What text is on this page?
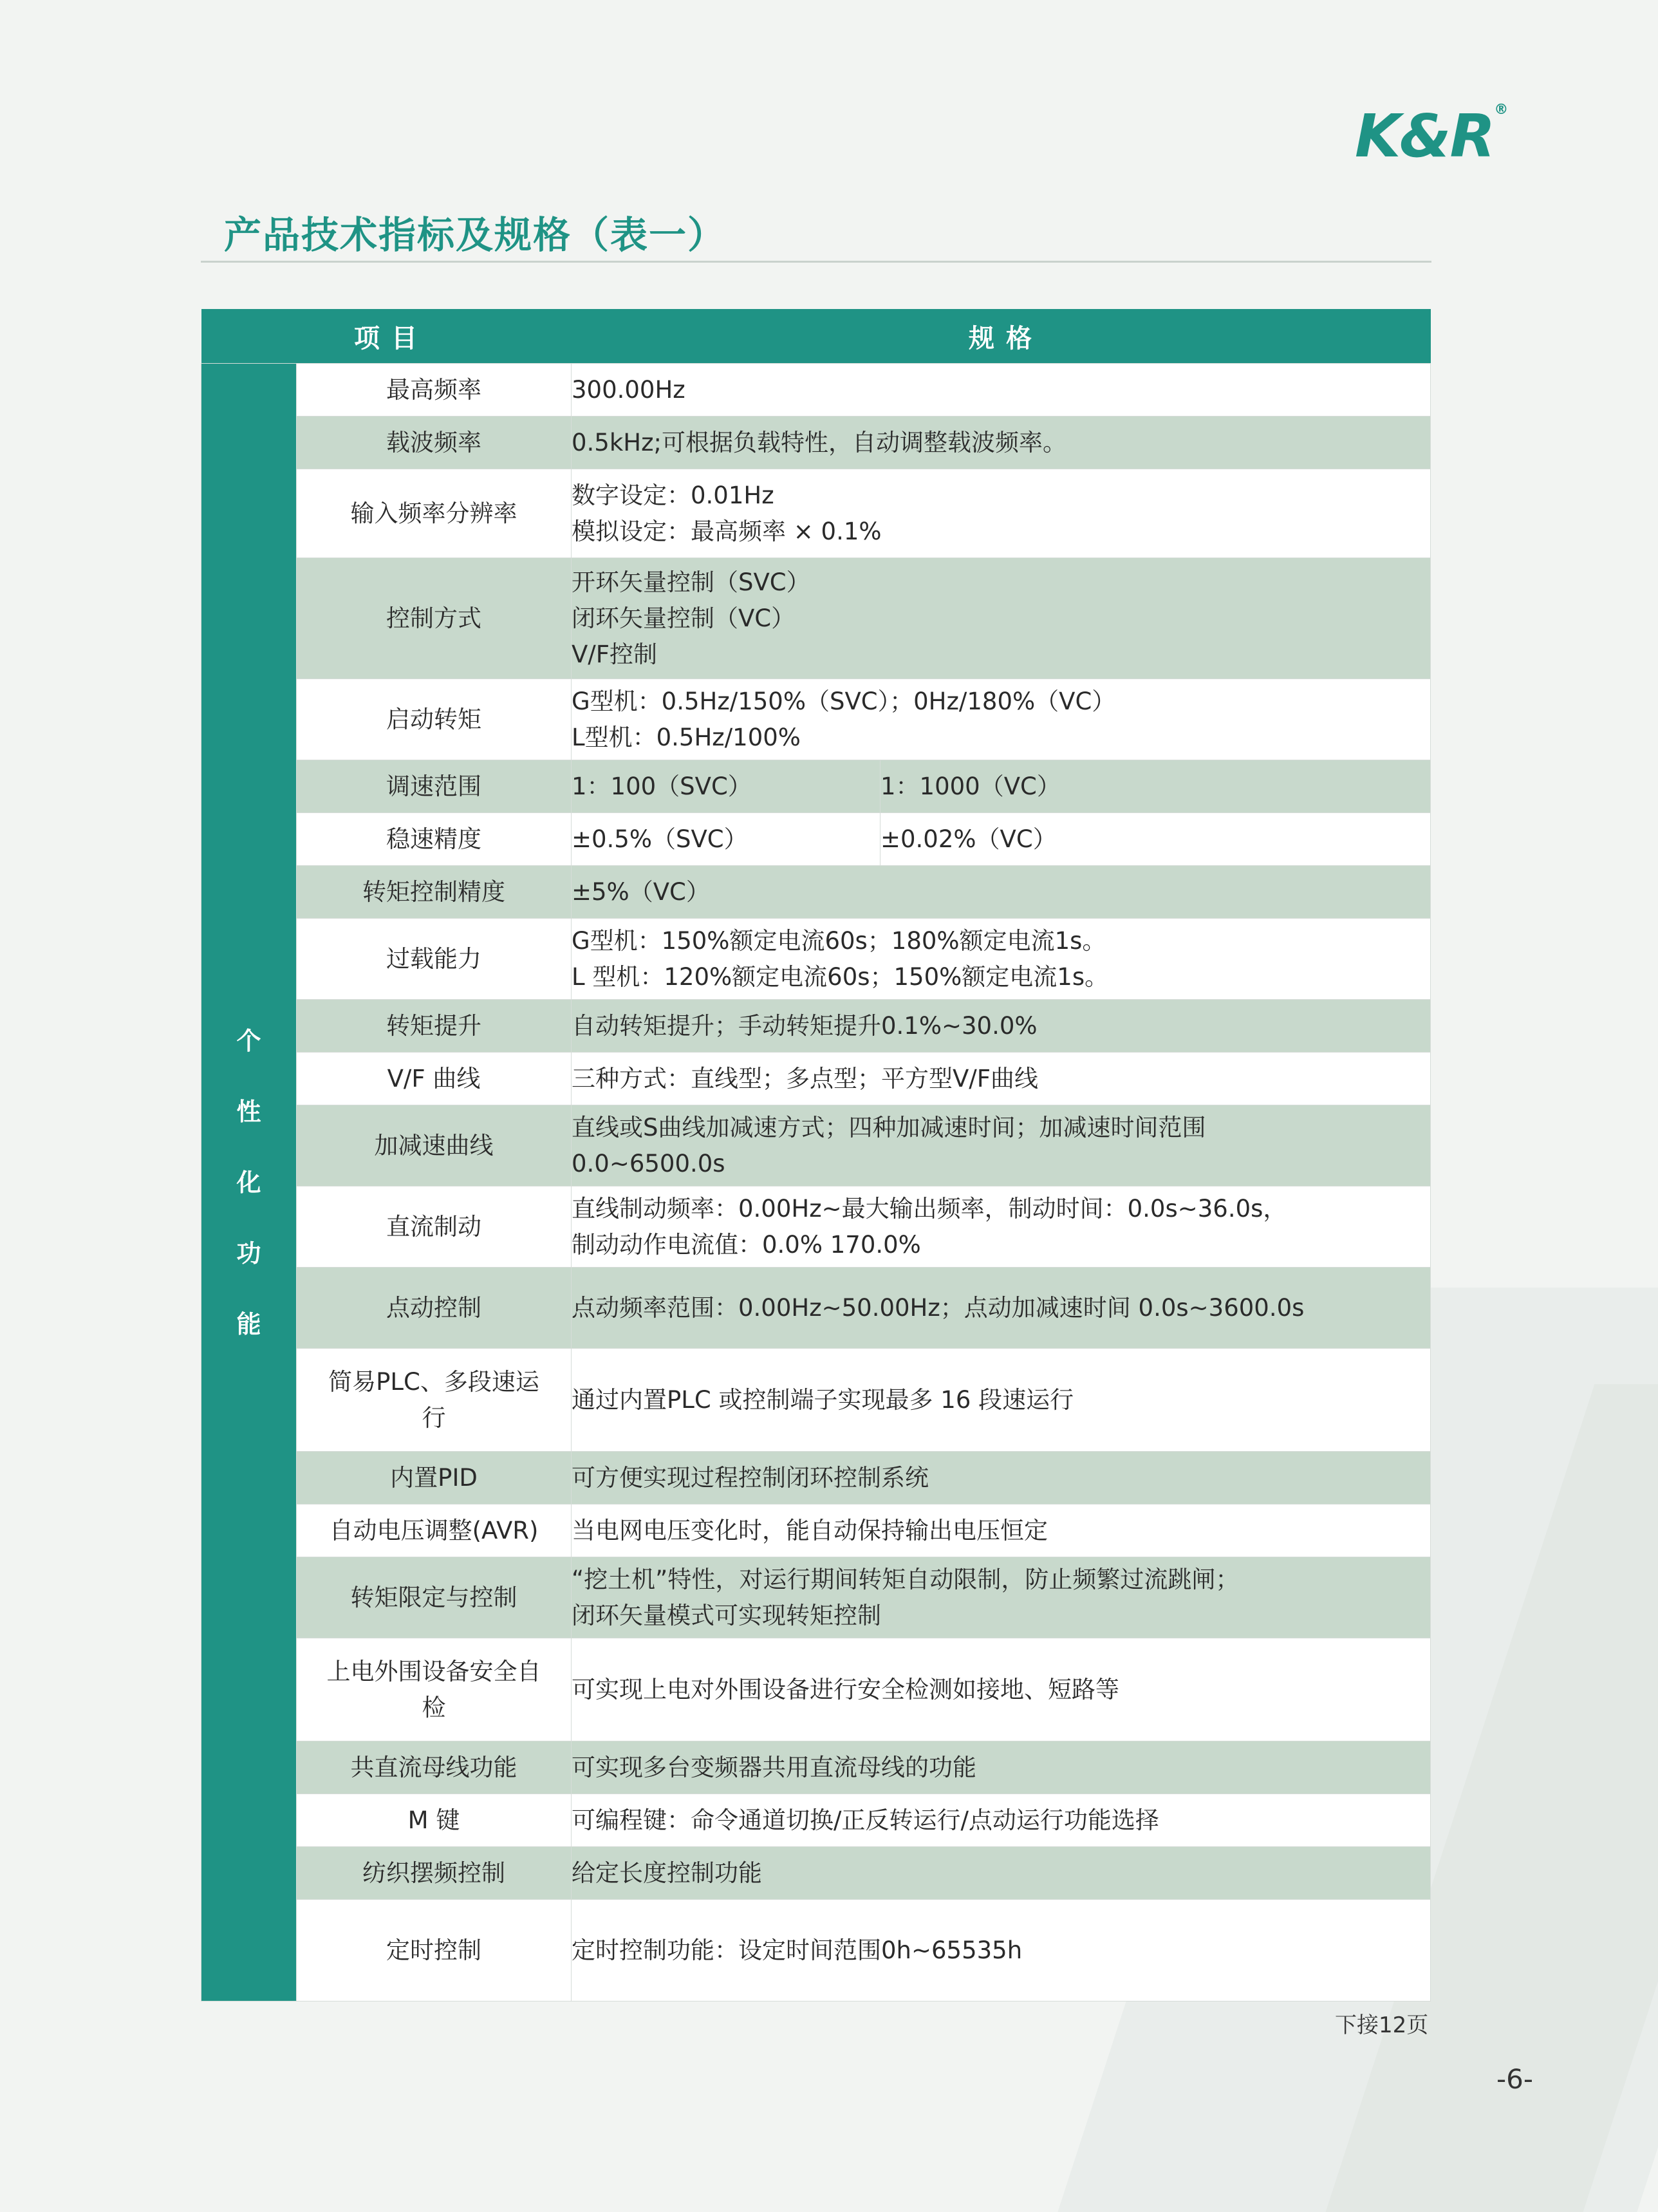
K&R®
产品技术指标及规格（表一）
项 目		规 格	

个
性
化
功
能	最高频率	300.00Hz	

	载波频率	0.5kHz;可根据负载特性，自动调整载波频率。	

	输入频率分辨率	数字设定：0.01Hz
模拟设定：最高频率 × 0.1%	

	控制方式	开环矢量控制（SVC）
闭环矢量控制（VC）
V/F控制	

	启动转矩	G型机：0.5Hz/150%（SVC）；0Hz/180%（VC）
L型机：0.5Hz/100%	

	调速范围	1：100（SVC）	1：1000（VC）
	稳速精度	±0.5%（SVC）	±0.02%（VC）
	转矩控制精度	±5%（VC）	

	过载能力	G型机：150%额定电流60s；180%额定电流1s。
L 型机：120%额定电流60s；150%额定电流1s。	

	转矩提升	自动转矩提升；手动转矩提升0.1%~30.0%	

	V/F 曲线	三种方式：直线型；多点型；平方型V/F曲线	

	加减速曲线	直线或S曲线加减速方式；四种加减速时间；加减速时间范围
0.0~6500.0s	

	直流制动	直线制动频率：0.00Hz~最大输出频率，制动时间：0.0s~36.0s，
制动动作电流值：0.0% 170.0%	

	点动控制	点动频率范围：0.00Hz~50.00Hz；点动加减速时间 0.0s~3600.0s	

	简易PLC、多段速运
行	通过内置PLC 或控制端子实现最多 16 段速运行	

	内置PID	可方便实现过程控制闭环控制系统	

	自动电压调整(AVR)	当电网电压变化时，能自动保持输出电压恒定	

	转矩限定与控制	“挖土机”特性，对运行期间转矩自动限制，防止频繁过流跳闸；
闭环矢量模式可实现转矩控制	

	上电外围设备安全自
检	可实现上电对外围设备进行安全检测如接地、短路等	

	共直流母线功能	可实现多台变频器共用直流母线的功能	

	M 键	可编程键：命令通道切换/正反转运行/点动运行功能选择	

	纺织摆频控制	给定长度控制功能	

	定时控制	定时控制功能：设定时间范围0h~65535h	
下接12页
-6-
